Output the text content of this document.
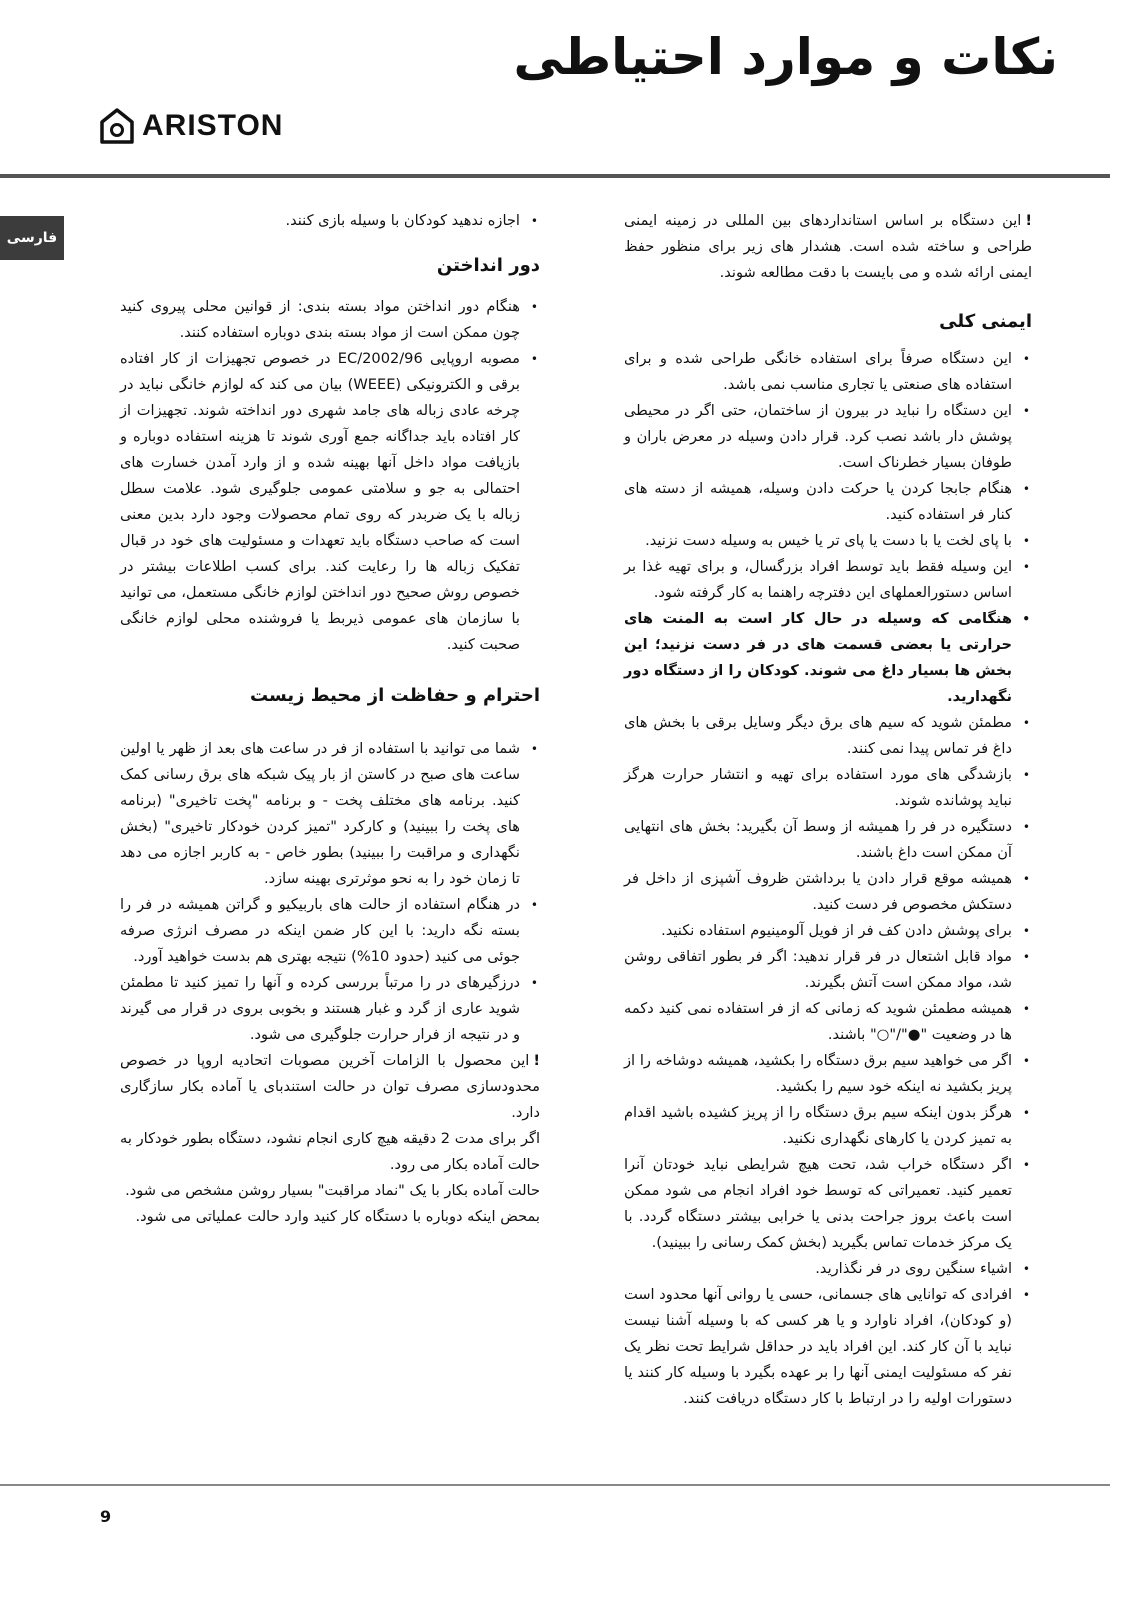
نکات و موارد احتیاطی
ARISTON
فارسی

!این دستگاه بر اساس استانداردهای بین المللی در زمینه ایمنی طراحی و ساخته شده است. هشدار های زیر برای منظور حفظ ایمنی ارائه شده و می بایست با دقت مطالعه شوند.

ایمنی کلی
• این دستگاه صرفاً برای استفاده خانگی طراحی شده و برای استفاده های صنعتی یا تجاری مناسب نمی باشد.
• این دستگاه را نباید در بیرون از ساختمان، حتی اگر در محیطی پوشش دار باشد نصب کرد. قرار دادن وسیله در معرض باران و طوفان بسیار خطرناک است.
• هنگام جابجا کردن یا حرکت دادن وسیله، همیشه از دسته های کنار فر استفاده کنید.
• با پای لخت یا با دست یا پای تر یا خیس به وسیله دست نزنید.
• این وسیله فقط باید توسط افراد بزرگسال، و برای تهیه غذا بر اساس دستورالعملهای این دفترچه راهنما به کار گرفته شود.
• هنگامی که وسیله در حال کار است به المنت های حرارتی یا بعضی قسمت های در فر دست نزنید؛ این بخش ها بسیار داغ می شوند. کودکان را از دستگاه دور نگهدارید.
• مطمئن شوید که سیم های برق دیگر وسایل برقی با بخش های داغ فر تماس پیدا نمی کنند.
• بازشدگی های مورد استفاده برای تهیه و انتشار حرارت هرگز نباید پوشانده شوند.
• دستگیره در فر را همیشه از وسط آن بگیرید: بخش های انتهایی آن ممکن است داغ باشند.
• همیشه موقع قرار دادن یا برداشتن ظروف آشپزی از داخل فر دستکش مخصوص فر دست کنید.
• برای پوشش دادن کف فر از فویل آلومینیوم استفاده نکنید.
• مواد قابل اشتعال در فر قرار ندهید: اگر فر بطور اتفاقی روشن شد، مواد ممکن است آتش بگیرند.
• همیشه مطمئن شوید که زمانی که از فر استفاده نمی کنید دکمه ها در وضعیت "●"/"○" باشند.
• اگر می خواهید سیم برق دستگاه را بکشید، همیشه دوشاخه را از پریز بکشید نه اینکه خود سیم را بکشید.
• هرگز بدون اینکه سیم برق دستگاه را از پریز کشیده باشید اقدام به تمیز کردن یا کارهای نگهداری نکنید.
• اگر دستگاه خراب شد، تحت هیچ شرایطی نباید خودتان آنرا تعمیر کنید. تعمیراتی که توسط خود افراد انجام می شود ممکن است باعث بروز جراحت بدنی یا خرابی بیشتر دستگاه گردد. با یک مرکز خدمات تماس بگیرید (بخش کمک رسانی را ببینید).
• اشیاء سنگین روی در فر نگذارید.
• افرادی که توانایی های جسمانی، حسی یا روانی آنها محدود است (و کودکان)، افراد ناوارد و یا هر کسی که با وسیله آشنا نیست نباید با آن کار کند. این افراد باید در حداقل شرایط تحت نظر یک نفر که مسئولیت ایمنی آنها را بر عهده بگیرد با وسیله کار کنند یا دستورات اولیه را در ارتباط با کار دستگاه دریافت کنند.
• اجازه ندهید کودکان با وسیله بازی کنند.
دور انداختن
• هنگام دور انداختن مواد بسته بندی: از قوانین محلی پیروی کنید چون ممکن است از مواد بسته بندی دوباره استفاده کنند.
• مصوبه اروپایی 2002/96/EC در خصوص تجهیزات از کار افتاده برقی و الکترونیکی (WEEE) بیان می کند که لوازم خانگی نباید در چرخه عادی زباله های جامد شهری دور انداخته شوند. تجهیزات از کار افتاده باید جداگانه جمع آوری شوند تا هزینه استفاده دوباره و بازیافت مواد داخل آنها بهینه شده و از وارد آمدن خسارت های احتمالی به جو و سلامتی عمومی جلوگیری شود. علامت سطل زباله با یک ضربدر که روی تمام محصولات وجود دارد بدین معنی است که صاحب دستگاه باید تعهدات و مسئولیت های خود در قبال تفکیک زباله ها را رعایت کند. برای کسب اطلاعات بیشتر در خصوص روش صحیح دور انداختن لوازم خانگی مستعمل، می توانید با سازمان های عمومی ذیربط یا فروشنده محلی لوازم خانگی صحبت کنید.
احترام و حفاظت از محیط زیست
• شما می توانید با استفاده از فر در ساعت های بعد از ظهر یا اولین ساعت های صبح در کاستن از بار پیک شبکه های برق رسانی کمک کنید. برنامه های مختلف پخت - و برنامه "پخت تاخیری" (برنامه های پخت را ببینید) و کارکرد "تمیز کردن خودکار تاخیری" (بخش نگهداری و مراقبت را ببینید) بطور خاص - به کاربر اجازه می دهد تا زمان خود را به نحو موثرتری بهینه سازد.
• در هنگام استفاده از حالت های باربیکیو و گراتن همیشه در فر را بسته نگه دارید: با این کار ضمن اینکه در مصرف انرژی صرفه جوئی می کنید (حدود 10%) نتیجه بهتری هم بدست خواهید آورد.
• درزگیرهای در را مرتباً بررسی کرده و آنها را تمیز کنید تا مطمئن شوید عاری از گرد و غبار هستند و بخوبی بروی در قرار می گیرند و در نتیجه از فرار حرارت جلوگیری می شود.

!این محصول با الزامات آخرین مصوبات اتحادیه اروپا در خصوص محدودسازی مصرف توان در حالت استندبای یا آماده بکار سازگاری دارد.

اگر برای مدت 2 دقیقه هیچ کاری انجام نشود، دستگاه بطور خودکار به حالت آماده بکار می رود.

حالت آماده بکار با یک "نماد مراقبت" بسیار روشن مشخص می شود.

بمحض اینکه دوباره با دستگاه کار کنید وارد حالت عملیاتی می شود.

9
